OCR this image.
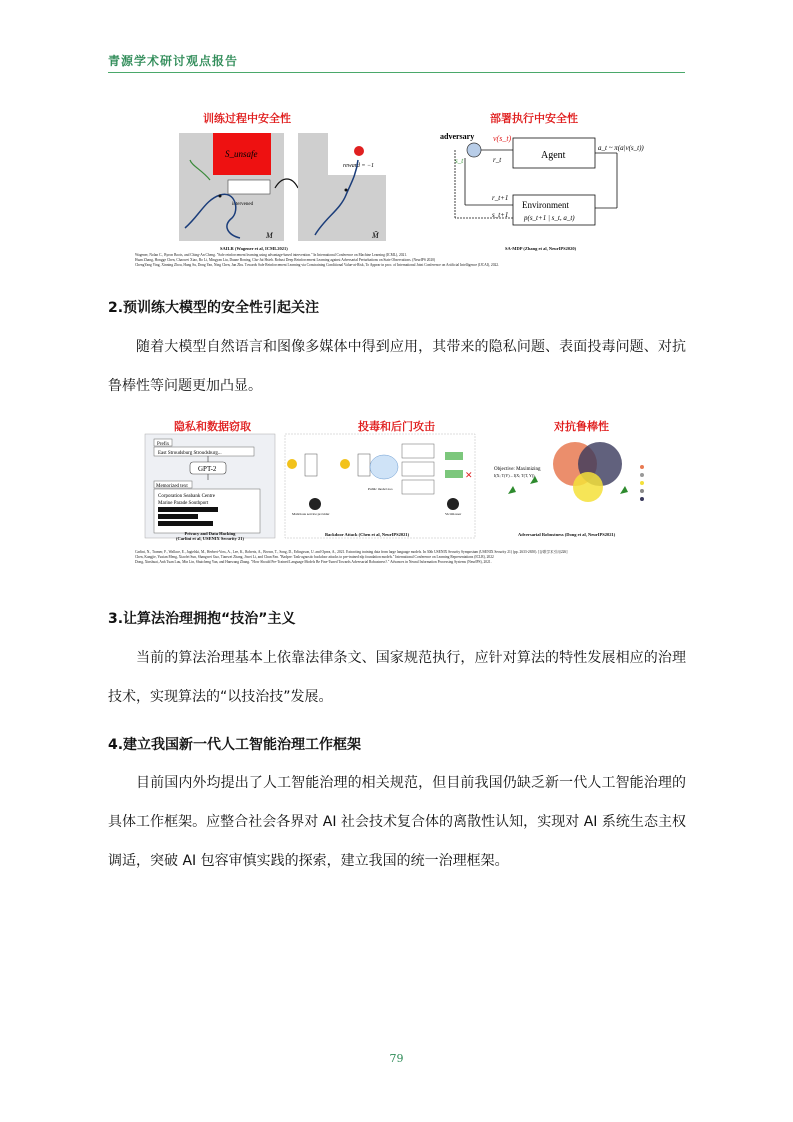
青源学术研讨观点报告
训练过程中安全性	部署执行中安全性
S_unsafe
intervened
M
reward = −1
M̃
adversary ν(s_t)
s_t	Agent
r_t
a_t ~ π(a|ν(s_t))
Environment
p(s_t+1 | s_t, a_t)
r_t+1
s_t+1
SAILR (Wagener et al, ICML2021)	SA-MDP (Zhang et al, NeurIPS2020)
Wagener, Nolan C., Byron Boots, and Ching-An Cheng. "Safe reinforcement learning using advantage-based intervention." In International Conference on Machine Learning (ICML), 2021.
Huan Zhang, Hongge Chen, Chaowei Xiao, Bo Li, Mingyan Liu, Duane Boning, Cho-Jui Hsieh. Robust Deep Reinforcement Learning against Adversarial Perturbations on State Observations. (NeurIPS 2020)
ChengYang Ying, Xinning Zhou, Hang Su, Dong Yan, Ning Chen, Jun Zhu. Towards Safe Reinforcement Learning via Constraining Conditional Value-at-Risk, To Appear in proc. of International Joint Conference on Artificial Intelligence (IJCAI), 2022.
2.预训练大模型的安全性引起关注

随着大模型自然语言和图像多媒体中得到应用，其带来的隐私问题、表面投毒问题、对抗鲁棒性等问题更加凸显。

隐私和数据窃取	投毒和后门攻击	对抗鲁棒性
Prefix
East Stroudsburg Stroudsburg...
GPT-2
Memorized text
Corporation Seabank Centre
Marine Parade Southport
✕
Malicious service provider
Public model zoo
Victim user
Objective: Maximizing
I(X; T(Y) – I(X; T(T, Y))
Privacy and Data Hacking
(Carlini et al, USENIX Security 21)
Backdoor Attack (Chen et al, NeurIPS2021)	Adversarial Robustness (Dong et al, NeurIPS2021)
Carlini, N., Tramer, F., Wallace, E., Jagielski, M., Herbert-Voss, A., Lee, K., Roberts, A., Brown, T., Song, D., Erlingsson, U. and Oprea, A., 2021. Extracting training data from large language models. In 30th USENIX Security Symposium (USENIX Security 21) (pp. 2633-2650). [谷歌学术引用226]
Chen, Kangjie, Yuxian Meng, Xiaofei Sun, Shangwei Guo, Tianwei Zhang, Jiwei Li, and Chun Fan. "Badpre: Task-agnostic backdoor attacks to pre-trained nlp foundation models." International Conference on Learning Representations (ICLR), 2022
Dong, Xinshuai, Anh Tuan Luu, Min Lin, Shuicheng Yan, and Hanwang Zhang. "How Should Pre-Trained Language Models Be Fine-Tuned Towards Adversarial Robustness?." Advances in Neural Information Processing Systems (NeurIPS), 2021.
3.让算法治理拥抱“技治”主义

当前的算法治理基本上依靠法律条文、国家规范执行，应针对算法的特性发展相应的治理技术，实现算法的“以技治技”发展。

4.建立我国新一代人工智能治理工作框架

目前国内外均提出了人工智能治理的相关规范，但目前我国仍缺乏新一代人工智能治理的具体工作框架。应整合社会各界对 AI 社会技术复合体的离散性认知，实现对 AI 系统生态主权调适，突破 AI 包容审慎实践的探索，建立我国的统一治理框架。

79
